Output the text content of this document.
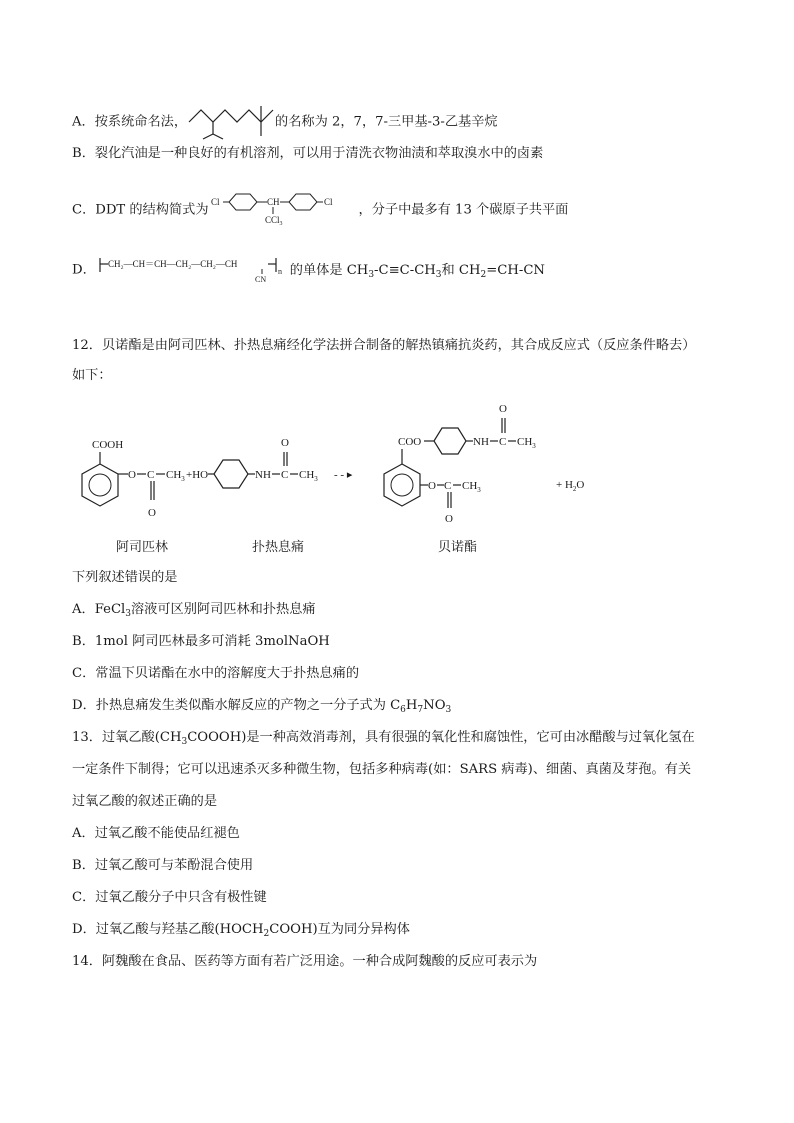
A．按系统命名法，	的名称为 2，7，7-三甲基-3-乙基辛烷
B．裂化汽油是一种良好的有机溶剂，可以用于清洗衣物油渍和萃取溴水中的卤素
C．DDT 的结构简式为
Cl	CH
CCl$_3$
Cl
，分子中最多有 13 个碳原子共平面
D． CH₂—CH＝CH—CH₂—CH₂—CH
CN
n 的单体是 $CH_3-C\equiv C-CH_3$和 $CH_2=CH-CN$
12．贝诺酯是由阿司匹林、扑热息痛经化学法拼合制备的解热镇痛抗炎药，其合成反应式（反应条件略去）
如下：
COOH
O C
O
$CH_3 +HO$	NH C
O
$CH_3$ - - ▸
COO	NH C
O
$CH_3$
O C
O
$CH_3$	+ $H_2O$
阿司匹林	扑热息痛	贝诺酯
下列叙述错误的是
A．FeCl$_3$溶液可区别阿司匹林和扑热息痛
B．1mol 阿司匹林最多可消耗 3molNaOH
C．常温下贝诺酯在水中的溶解度大于扑热息痛的
D．扑热息痛发生类似酯水解反应的产物之一分子式为 $C_6H_7NO_3$
13．过氧乙酸$(CH_3COOOH)$是一种高效消毒剂，具有很强的氧化性和腐蚀性，它可由冰醋酸与过氧化氢在
一定条件下制得；它可以迅速杀灭多种微生物，包括多种病毒(如：SARS 病毒)、细菌、真菌及芽孢。有关
过氧乙酸的叙述正确的是
A．过氧乙酸不能使品红褪色
B．过氧乙酸可与苯酚混合使用
C．过氧乙酸分子中只含有极性键
D．过氧乙酸与羟基乙酸$(HOCH_2COOH)$互为同分异构体
14．阿魏酸在食品、医药等方面有若广泛用途。一种合成阿魏酸的反应可表示为
